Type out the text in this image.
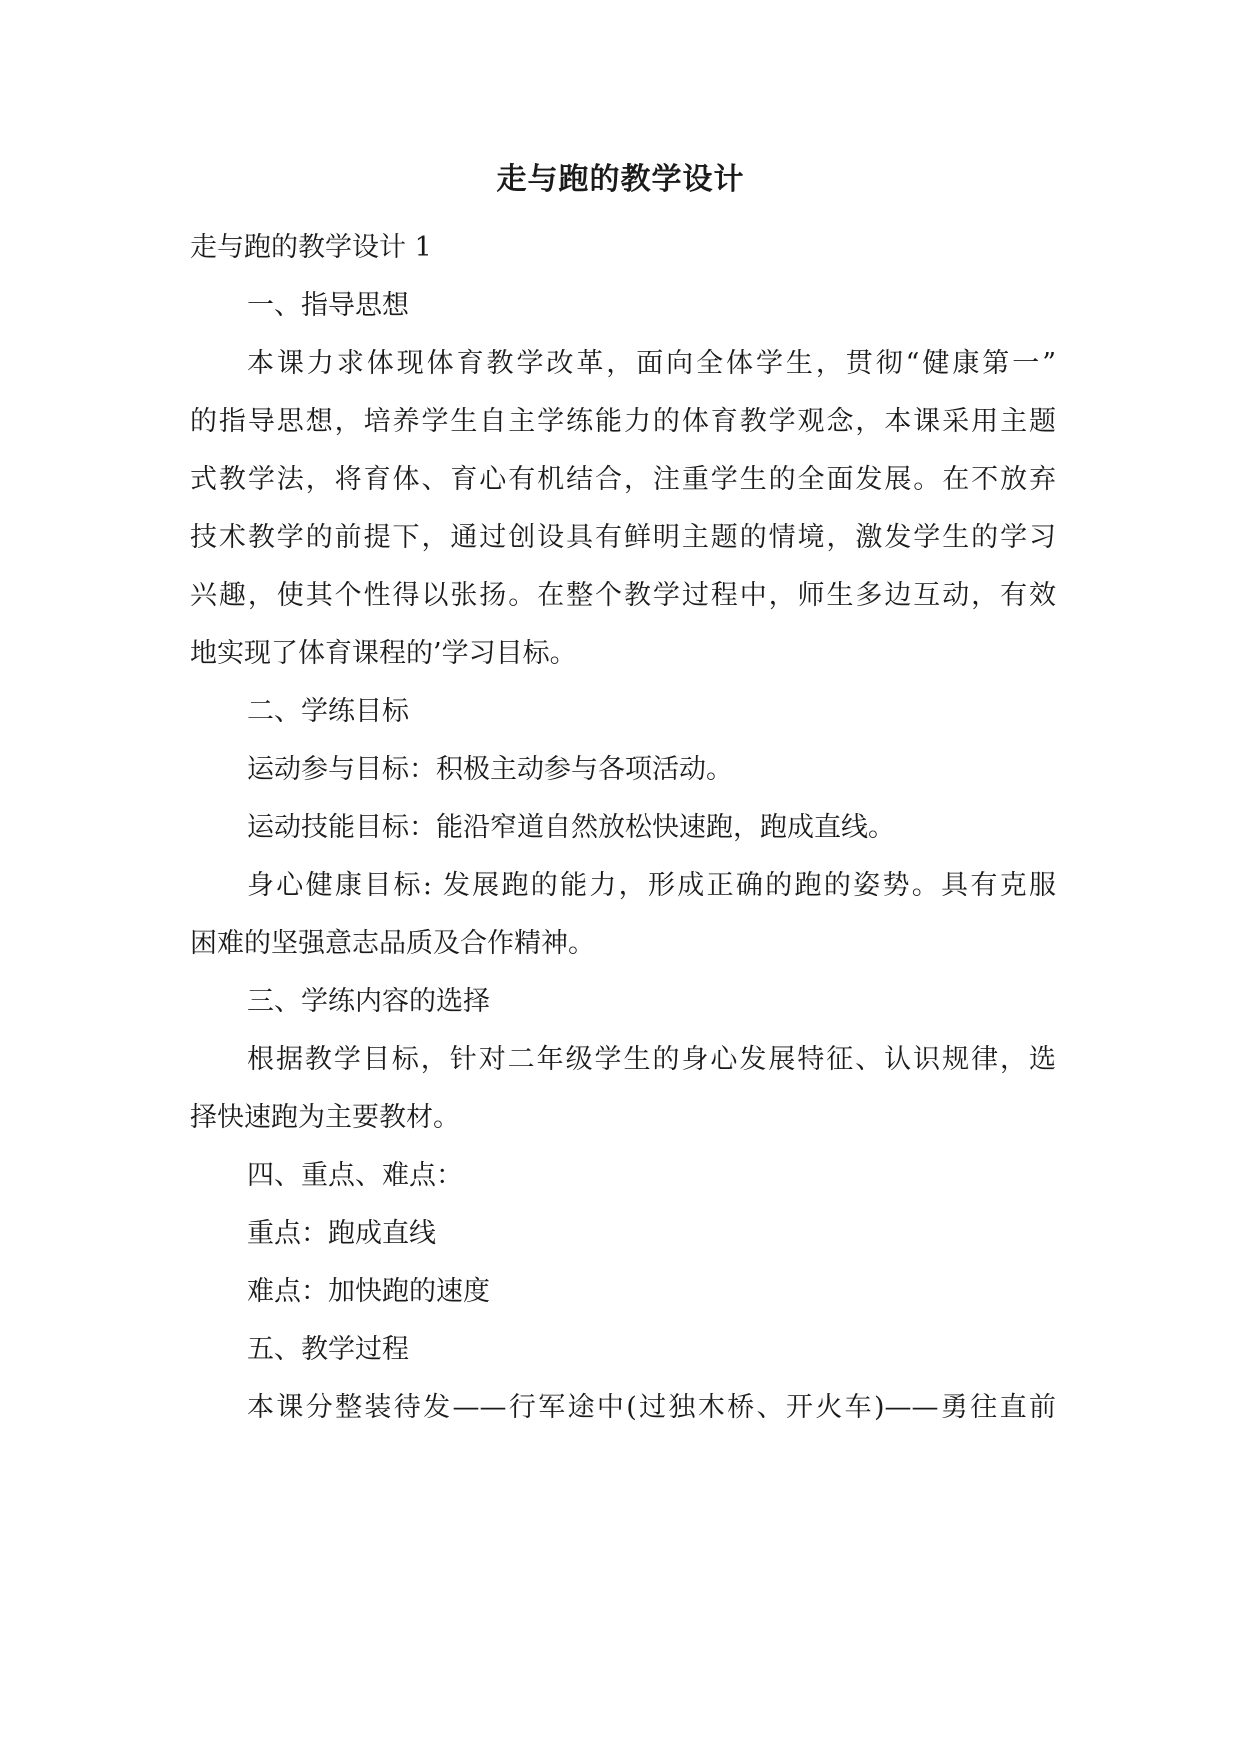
走与跑的教学设计
走与跑的教学设计 1
一、指导思想
本课力求体现体育教学改革，面向全体学生，贯彻“健康第一”
的指导思想，培养学生自主学练能力的体育教学观念，本课采用主题
式教学法，将育体、育心有机结合，注重学生的全面发展。在不放弃
技术教学的前提下，通过创设具有鲜明主题的情境，激发学生的学习
兴趣，使其个性得以张扬。在整个教学过程中，师生多边互动，有效
地实现了体育课程的’学习目标。
二、学练目标
运动参与目标：积极主动参与各项活动。
运动技能目标：能沿窄道自然放松快速跑，跑成直线。
身心健康目标: 发展跑的能力，形成正确的跑的姿势。具有克服
困难的坚强意志品质及合作精神。
三、学练内容的选择
根据教学目标，针对二年级学生的身心发展特征、认识规律，选
择快速跑为主要教材。
四、重点、难点：
重点：跑成直线
难点：加快跑的速度
五、教学过程
本课分整装待发——行军途中(过独木桥、开火车)——勇往直前
